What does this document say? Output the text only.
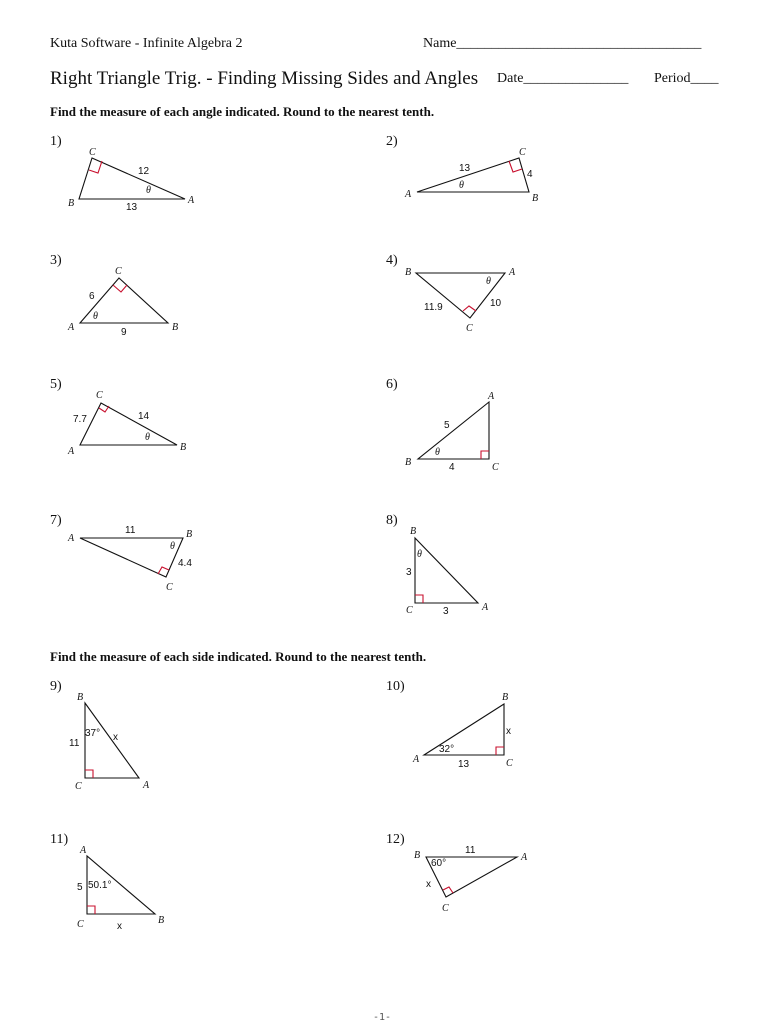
Kuta Software - Infinite Algebra 2	Name___________________________________
Right Triangle Trig. - Finding Missing Sides and Angles Date_______________ Period____
Find the measure of each angle indicated. Round to the nearest tenth.
Find the measure of each side indicated. Round to the nearest tenth.
1)	2)
3)	4)
5)	6)
7)	8)
9)	10)
11)	12)
C
B	A
12
13
θ
C
A	B
13
4
θ
C
A	B
6
9
θ
B	A
C
11.9	10
θ
C
A	B
7.7	14
θ
A
B	C
5
4
θ
A	B
C
11
4.4
θ
B
C	A
3
3
θ
B
C	A
11
37° x
B
A	C
x
32°
13
A
C	B
5 50.1°
x
B	A
C
11
60°
x
-1-
